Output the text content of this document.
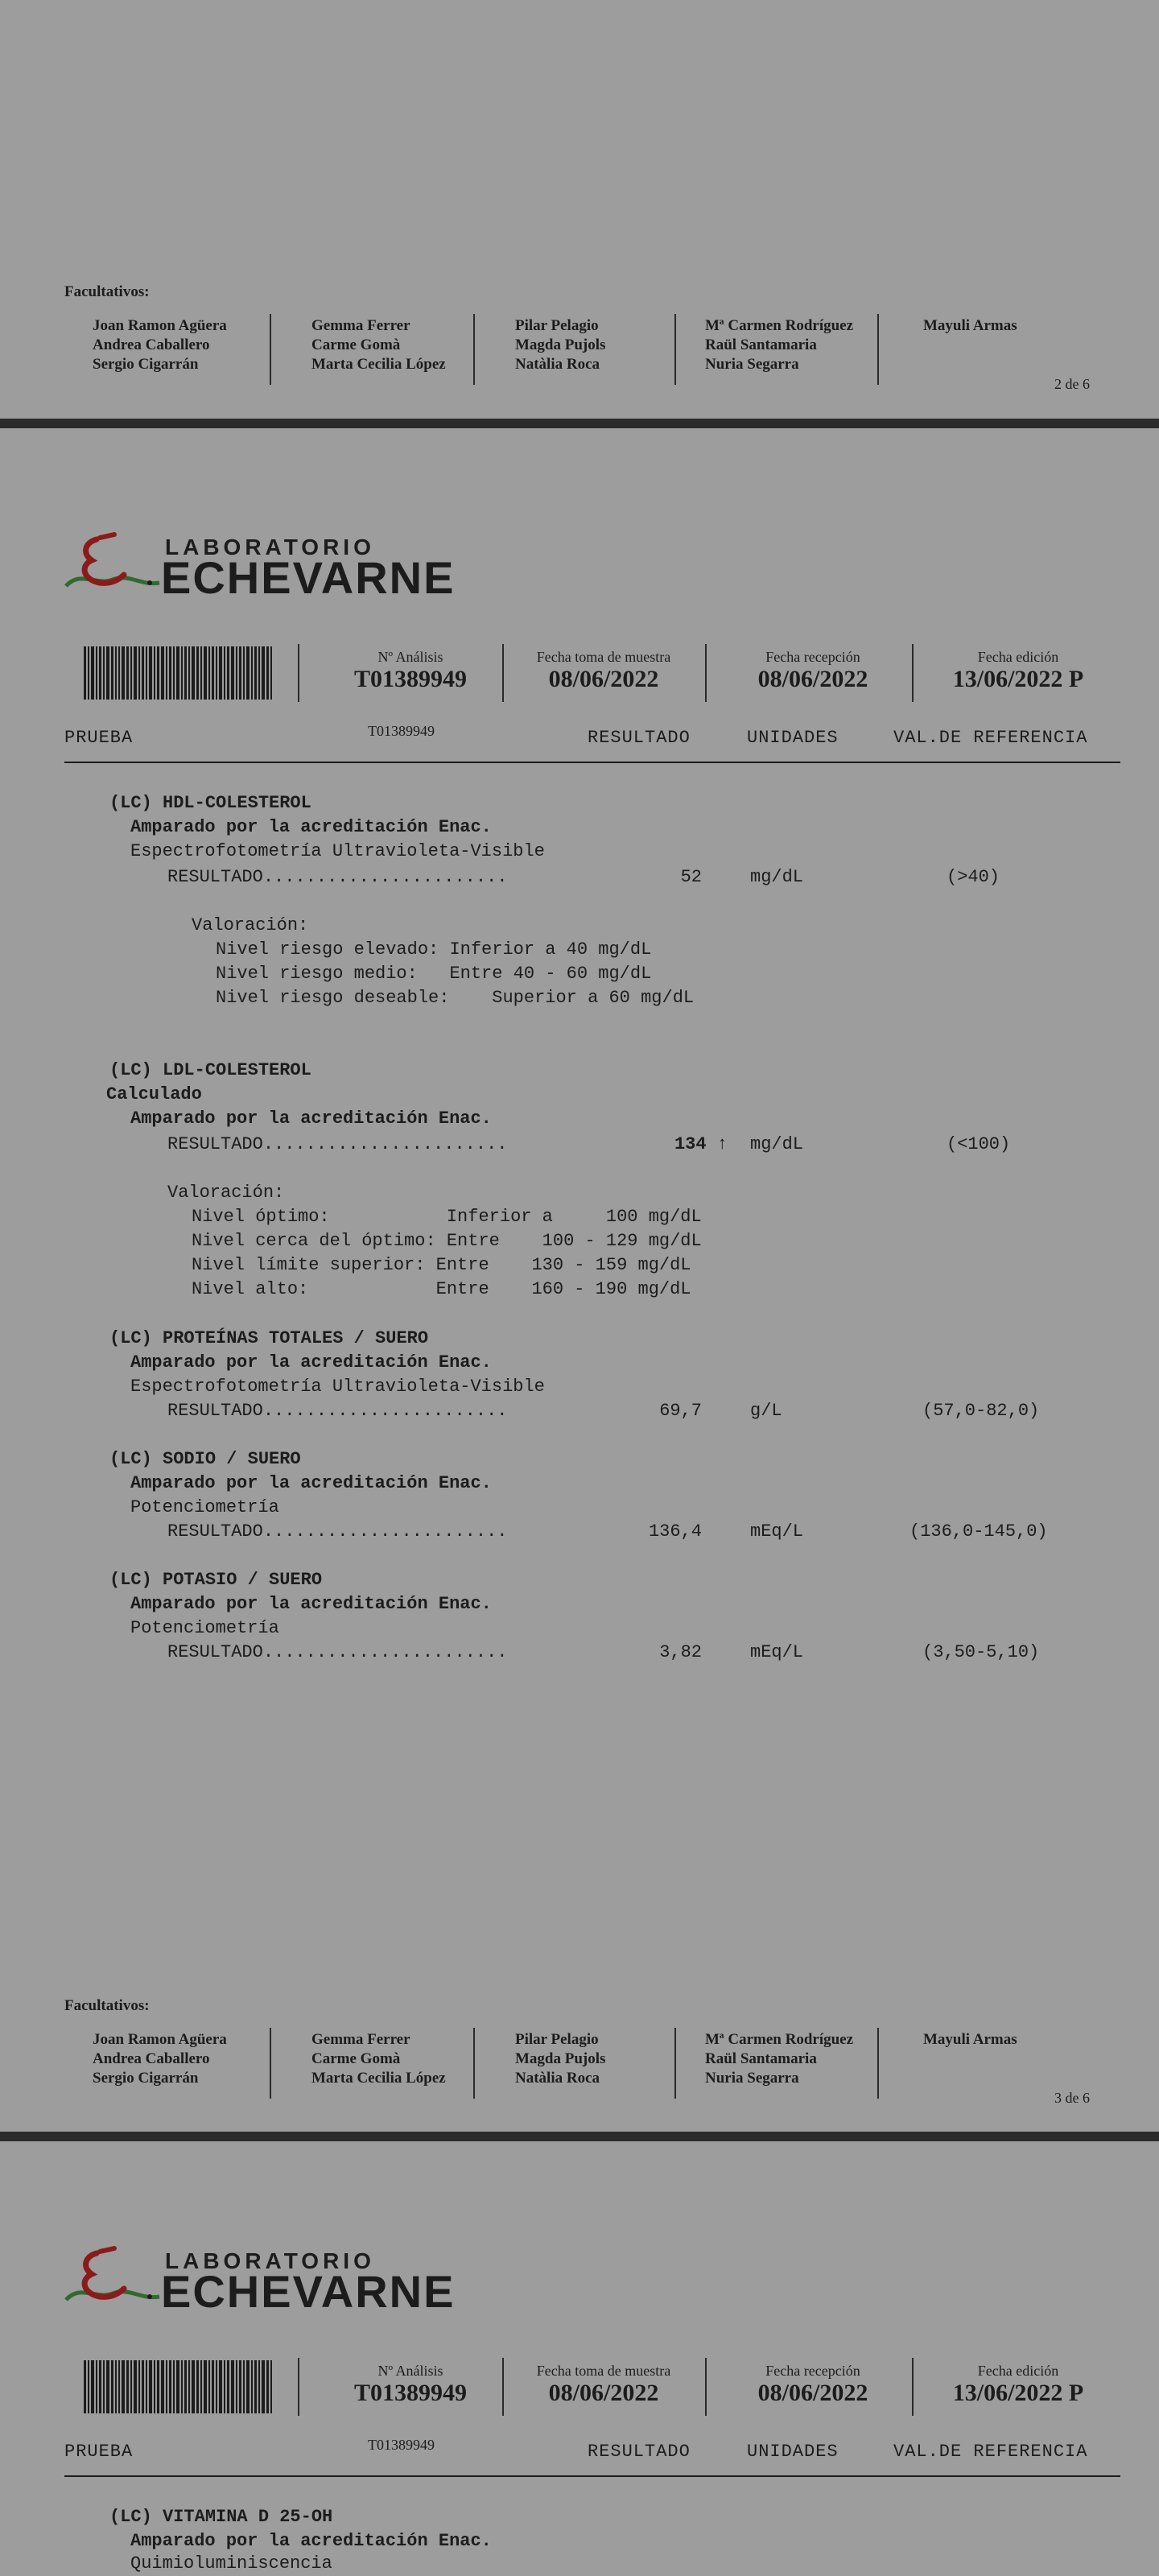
Facultativos:
Joan Ramon Agüera
Andrea Caballero
Sergio Cigarrán
Gemma Ferrer
Carme Gomà
Marta Cecilia López
Pilar Pelagio
Magda Pujols
Natàlia Roca
Mª Carmen Rodríguez
Raül Santamaria
Nuria Segarra
Mayuli Armas
2 de 6
LABORATORIO
ECHEVARNE
Nº Análisis
T01389949
Fecha toma de muestra
08/06/2022
Fecha recepción
08/06/2022
Fecha edición
13/06/2022 P
T01389949
PRUEBA	RESULTADO	UNIDADES	VAL.DE REFERENCIA
(LC) HDL-COLESTEROL
Amparado por la acreditación Enac.
Espectrofotometría Ultravioleta-Visible
RESULTADO.......................	52	mg/dL	(>40)
Valoración:
Nivel riesgo elevado: Inferior a 40 mg/dL
Nivel riesgo medio:   Entre 40 - 60 mg/dL
Nivel riesgo deseable:    Superior a 60 mg/dL
(LC) LDL-COLESTEROL
Calculado
Amparado por la acreditación Enac.
RESULTADO.......................	134 ↑ mg/dL	(<100)
Valoración:
Nivel óptimo:           Inferior a     100 mg/dL
Nivel cerca del óptimo: Entre    100 - 129 mg/dL
Nivel límite superior: Entre    130 - 159 mg/dL
Nivel alto:            Entre    160 - 190 mg/dL
(LC) PROTEÍNAS TOTALES / SUERO
Amparado por la acreditación Enac.
Espectrofotometría Ultravioleta-Visible
RESULTADO.......................	69,7	g/L	(57,0-82,0)
(LC) SODIO / SUERO
Amparado por la acreditación Enac.
Potenciometría
RESULTADO.......................	136,4	mEq/L	(136,0-145,0)
(LC) POTASIO / SUERO
Amparado por la acreditación Enac.
Potenciometría
RESULTADO.......................	3,82	mEq/L	(3,50-5,10)
Facultativos:
Joan Ramon Agüera
Andrea Caballero
Sergio Cigarrán
Gemma Ferrer
Carme Gomà
Marta Cecilia López
Pilar Pelagio
Magda Pujols
Natàlia Roca
Mª Carmen Rodríguez
Raül Santamaria
Nuria Segarra
Mayuli Armas
3 de 6
LABORATORIO
ECHEVARNE
Nº Análisis
T01389949
Fecha toma de muestra
08/06/2022
Fecha recepción
08/06/2022
Fecha edición
13/06/2022 P
T01389949
PRUEBA	RESULTADO	UNIDADES	VAL.DE REFERENCIA
(LC) VITAMINA D 25-OH
Amparado por la acreditación Enac.
Quimioluminiscencia
